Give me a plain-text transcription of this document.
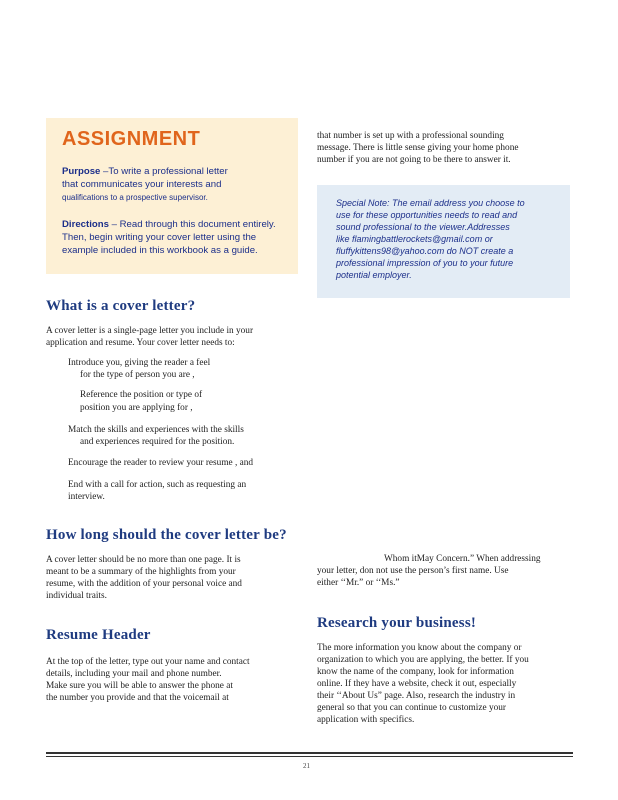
ASSIGNMENT
Purpose –To write a professional letter
that communicates your interests and
qualifications to a prospective supervisor.
Directions – Read through this document entirely.
Then, begin writing your cover letter using the
example included in this workbook as a guide.
that number is set up with a professional sounding
message. There is little sense giving your home phone
number if you are not going to be there to answer it.
Special Note: The email address you choose to
use for these opportunities needs to read and
sound professional to the viewer.Addresses
like flamingbattlerockets@gmail.com or
fluffykittens98@yahoo.com do NOT create a
professional impression of you to your future
potential employer.
What is a cover letter?
A cover letter is a single-page letter you include in your
application and resume. Your cover letter needs to:
Introduce you, giving the reader a feel
for the type of person you are ,
Reference the position or type of
position you are applying for ,
Match the skills and experiences with the skills
and experiences required for the position.
Encourage the reader to review your resume , and
End with a call for action, such as requesting an
interview.
How long should the cover letter be?
A cover letter should be no more than one page. It is
meant to be a summary of the highlights from your
resume, with the addition of your personal voice and
individual traits.
Resume Header
At the top of the letter, type out your name and contact
details, including your mail and phone number.
Make sure you will be able to answer the phone at
the number you provide and that the voicemail at
Whom itMay Concern.” When addressing
your letter, don not use the person’s first name. Use
either ‘‘Mr.” or ‘‘Ms.”
Research your business!
The more information you know about the company or
organization to which you are applying, the better. If you
know the name of the company, look for information
online. If they have a website, check it out, especially
their ‘‘About Us” page. Also, research the industry in
general so that you can continue to customize your
application with specifics.
21
